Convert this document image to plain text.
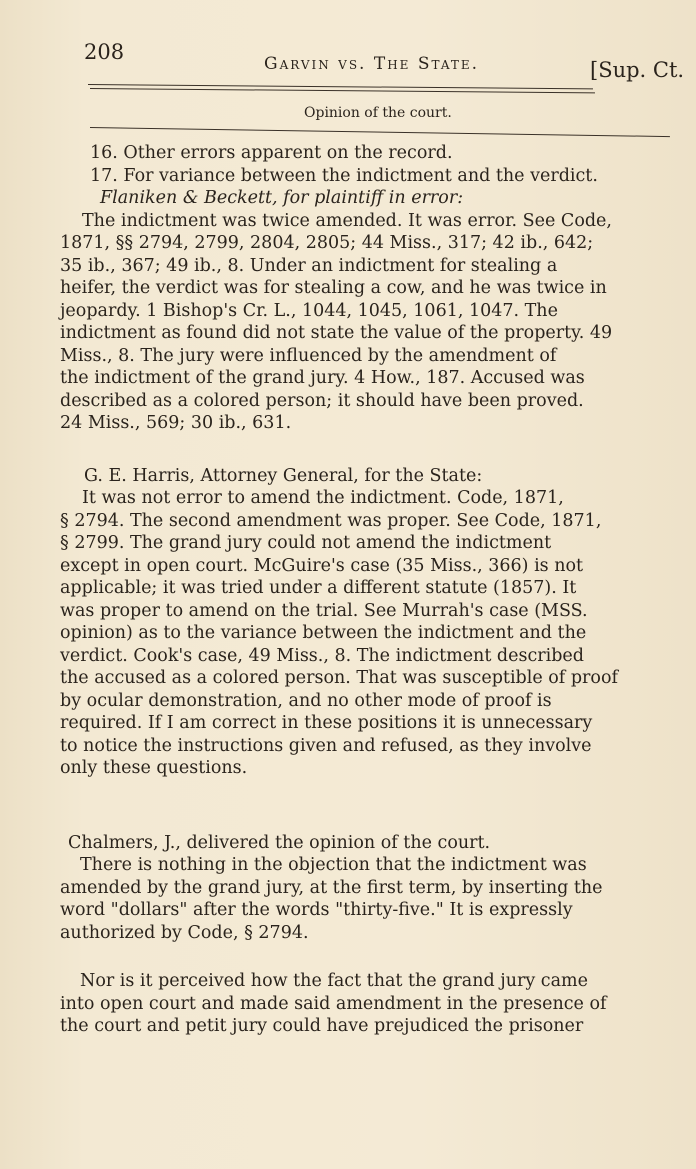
208	Garvin vs. The State.	[Sup. Ct.
Opinion of the court.

16. Other errors apparent on the record.

17. For variance between the indictment and the verdict.

Flaniken & Beckett, for plaintiff in error:

The indictment was twice amended. It was error. See Code,

1871, §§ 2794, 2799, 2804, 2805; 44 Miss., 317; 42 ib., 642;

35 ib., 367; 49 ib., 8. Under an indictment for stealing a

heifer, the verdict was for stealing a cow, and he was twice in

jeopardy. 1 Bishop's Cr. L., 1044, 1045, 1061, 1047. The

indictment as found did not state the value of the property. 49

Miss., 8. The jury were influenced by the amendment of

the indictment of the grand jury. 4 How., 187. Accused was

described as a colored person; it should have been proved.

24 Miss., 569; 30 ib., 631.

G. E. Harris, Attorney General, for the State:

It was not error to amend the indictment. Code, 1871,

§ 2794. The second amendment was proper. See Code, 1871,

§ 2799. The grand jury could not amend the indictment

except in open court. McGuire's case (35 Miss., 366) is not

applicable; it was tried under a different statute (1857). It

was proper to amend on the trial. See Murrah's case (MSS.

opinion) as to the variance between the indictment and the

verdict. Cook's case, 49 Miss., 8. The indictment described

the accused as a colored person. That was susceptible of proof

by ocular demonstration, and no other mode of proof is

required. If I am correct in these positions it is unnecessary

to notice the instructions given and refused, as they involve

only these questions.

Chalmers, J., delivered the opinion of the court.

There is nothing in the objection that the indictment was

amended by the grand jury, at the first term, by inserting the

word "dollars" after the words "thirty-five." It is expressly

authorized by Code, § 2794.

Nor is it perceived how the fact that the grand jury came

into open court and made said amendment in the presence of

the court and petit jury could have prejudiced the prisoner
